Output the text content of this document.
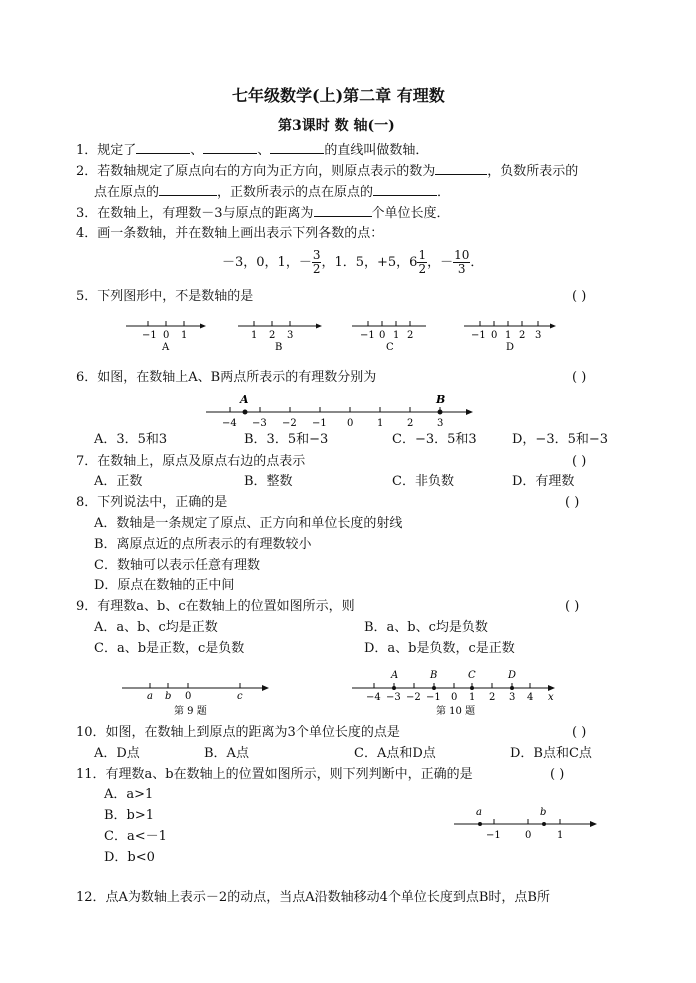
七年级数学(上)第二章 有理数
第3课时 数 轴(一)
1．规定了	、	、	的直线叫做数轴．
2．若数轴规定了原点向右的方向为正方向，则原点表示的数为	，负数所表示的
点在原点的	，正数所表示的点在原点的	．
3．在数轴上，有理数－3与原点的距离为	个单位长度．
4．画一条数轴，并在数轴上画出表示下列各数的点：
－3，0，1，－ $\frac{3}{2}$ ，1．5，+5，$6 \frac{1}{2}$ ，－ $\frac{10}{3}$ ．
5．下列图形中，不是数轴的是	( )
−1 0 1
A
1 2 3
B
−1 0 1 2
C
−1 0 1 2 3
D
6．如图，在数轴上A、B两点所表示的有理数分别为	( )
A	B
−4 −3 −2 −1 0 1 2 3
A．3．5和3	B．3．5和−3	C．−3．5和3	D，−3．5和−3
7．在数轴上，原点及原点右边的点表示	( )
A．正数	B．整数	C．非负数	D．有理数
8．下列说法中，正确的是	( )
A．数轴是一条规定了原点、正方向和单位长度的射线
B．离原点近的点所表示的有理数较小
C．数轴可以表示任意有理数
D．原点在数轴的正中间
9．有理数a、b、c在数轴上的位置如图所示，则	( )
A．a、b、c均是正数	B．a、b、c均是负数
C．a、b是正数，c是负数	D．a、b是负数，c是正数
a b 0	c
第 9 题
A	B	C	D
−4 −3 −2 −1 0 1 2 3 4 x
第 10 题
10．如图，在数轴上到原点的距离为3个单位长度的点是	( )
A．D点	B．A点	C．A点和D点	D．B点和C点
11．有理数a、b在数轴上的位置如图所示，则下列判断中，正确的是	( )
A．a>1
B．b>1
C．a<－1
D．b<0
a	b
−1 0	1
12．点A为数轴上表示－2的动点，当点A沿数轴移动4个单位长度到点B时，点B所
